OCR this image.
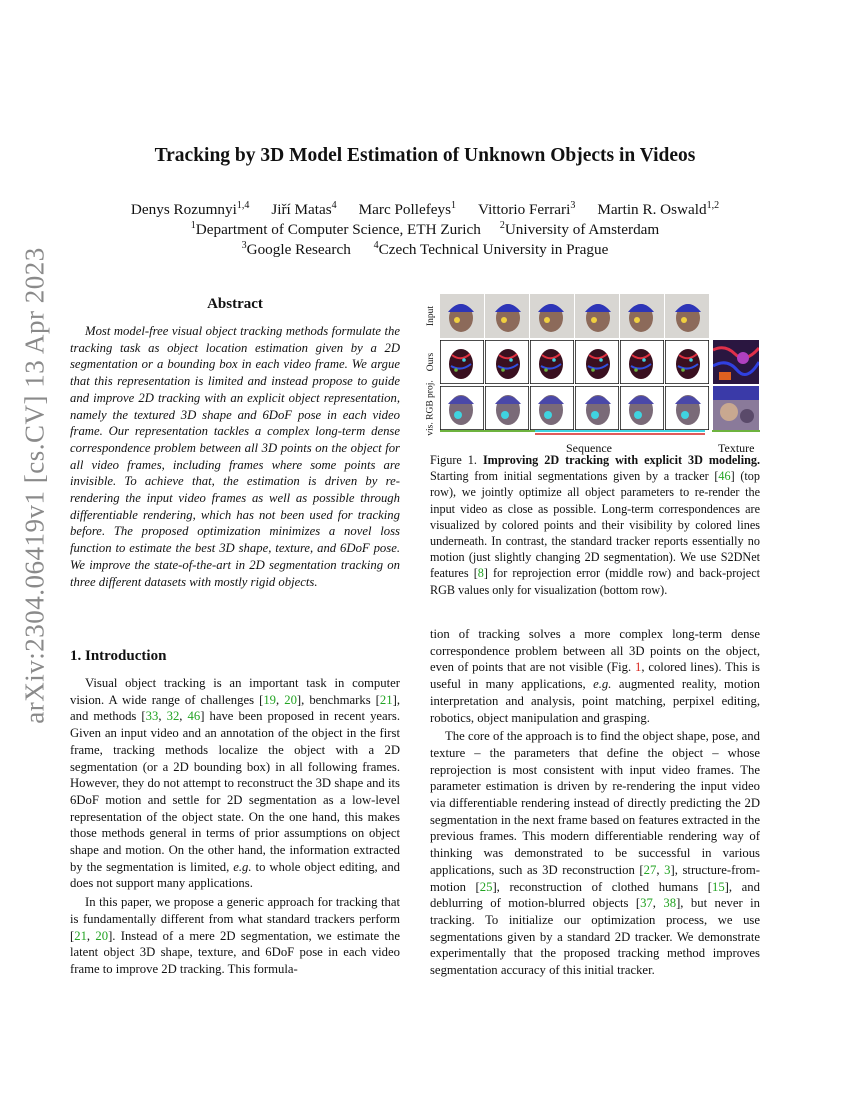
arXiv:2304.06419v1 [cs.CV] 13 Apr 2023
Tracking by 3D Model Estimation of Unknown Objects in Videos
Denys Rozumnyi$^{1,4}$ Jiří Matas$^4$ Marc Pollefeys$^1$ Vittorio Ferrari$^3$ Martin R. Oswald$^{1,2}$
$^1$Department of Computer Science, ETH Zurich $^2$University of Amsterdam
$^3$Google Research $^4$Czech Technical University in Prague
Abstract

Most model-free visual object tracking methods formulate the tracking task as object location estimation given by a 2D segmentation or a bounding box in each video frame. We argue that this representation is limited and instead propose to guide and improve 2D tracking with an explicit object representation, namely the textured 3D shape and 6DoF pose in each video frame. Our representation tackles a complex long-term dense correspondence problem between all 3D points on the object for all video frames, including frames where some points are invisible. To achieve that, the estimation is driven by re-rendering the input video frames as well as possible through differentiable rendering, which has not been used for tracking before. The proposed optimization minimizes a novel loss function to estimate the best 3D shape, texture, and 6DoF pose. We improve the state-of-the-art in 2D segmentation tracking on three different datasets with mostly rigid objects.

Input
Ours
vis. RGB proj.
Sequence	Texture
Figure 1. Improving 2D tracking with explicit 3D modeling. Starting from initial segmentations given by a tracker [46] (top row), we jointly optimize all object parameters to re-render the input video as close as possible. Long-term correspondences are visualized by colored points and their visibility by colored lines underneath. In contrast, the standard tracker reports essentially no motion (just slightly changing 2D segmentation). We use S2DNet features [8] for reprojection error (middle row) and back-project RGB values only for visualization (bottom row).
1. Introduction

Visual object tracking is an important task in computer vision. A wide range of challenges [19, 20], benchmarks [21], and methods [33, 32, 46] have been proposed in recent years. Given an input video and an annotation of the object in the first frame, tracking methods localize the object with a 2D segmentation (or a 2D bounding box) in all following frames. However, they do not attempt to reconstruct the 3D shape and its 6DoF motion and settle for 2D segmentation as a low-level representation of the object state. On the one hand, this makes those methods general in terms of prior assumptions on object shape and motion. On the other hand, the information extracted by the segmentation is limited, e.g. to whole object editing, and does not support many applications.

In this paper, we propose a generic approach for tracking that is fundamentally different from what standard trackers perform [21, 20]. Instead of a mere 2D segmentation, we estimate the latent object 3D shape, texture, and 6DoF pose in each video frame to improve 2D tracking. This formula-

tion of tracking solves a more complex long-term dense correspondence problem between all 3D points on the object, even of points that are not visible (Fig. 1, colored lines). This is useful in many applications, e.g. augmented reality, motion interpretation and analysis, point matching, perpixel editing, robotics, object manipulation and grasping.

The core of the approach is to find the object shape, pose, and texture – the parameters that define the object – whose reprojection is most consistent with input video frames. The parameter estimation is driven by re-rendering the input video via differentiable rendering instead of directly predicting the 2D segmentation in the next frame based on features extracted in the previous frames. This modern differentiable rendering way of thinking was demonstrated to be successful in various applications, such as 3D reconstruction [27, 3], structure-from-motion [25], reconstruction of clothed humans [15], and deblurring of motion-blurred objects [37, 38], but never in tracking. To initialize our optimization process, we use segmentations given by a standard 2D tracker. We demonstrate experimentally that the proposed tracking method improves segmentation accuracy of this initial tracker.
